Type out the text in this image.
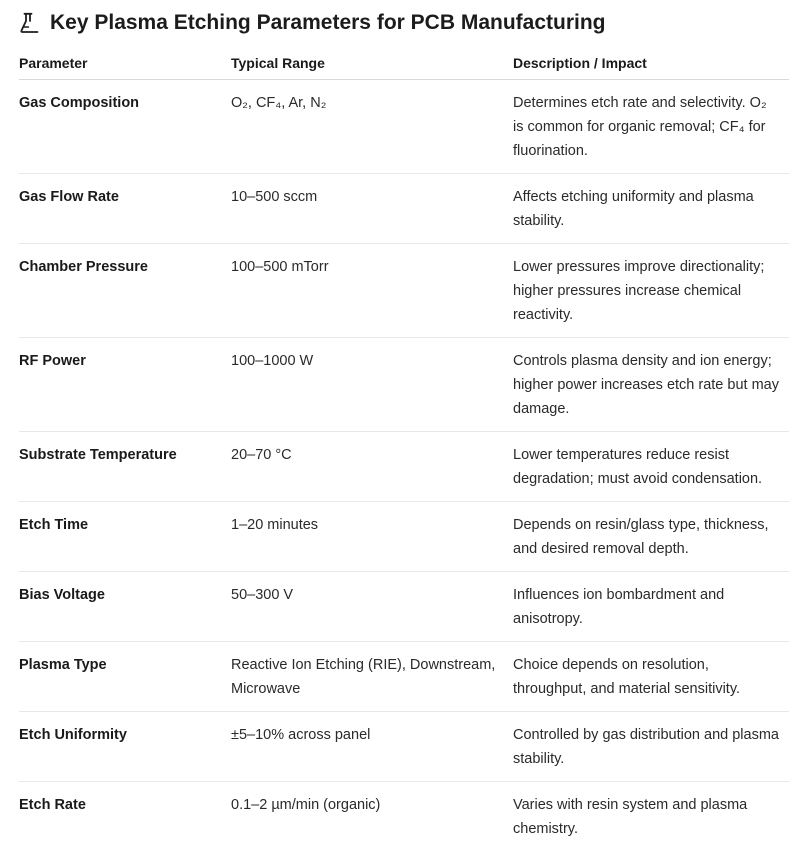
Key Plasma Etching Parameters for PCB Manufacturing
Parameter	Typical Range	Description / Impact
Gas Composition	O₂, CF₄, Ar, N₂	Determines etch rate and selectivity. O₂ is common for organic removal; CF₄ for fluorination.
Gas Flow Rate	10–500 sccm	Affects etching uniformity and plasma stability.
Chamber Pressure	100–500 mTorr	Lower pressures improve directionality; higher pressures increase chemical reactivity.
RF Power	100–1000 W	Controls plasma density and ion energy; higher power increases etch rate but may damage.
Substrate Temperature	20–70 °C	Lower temperatures reduce resist degradation; must avoid condensation.
Etch Time	1–20 minutes	Depends on resin/glass type, thickness, and desired removal depth.
Bias Voltage	50–300 V	Influences ion bombardment and anisotropy.
Plasma Type	Reactive Ion Etching (RIE), Downstream, Microwave	Choice depends on resolution, throughput, and material sensitivity.
Etch Uniformity	±5–10% across panel	Controlled by gas distribution and plasma stability.
Etch Rate	0.1–2 µm/min (organic)	Varies with resin system and plasma chemistry.
